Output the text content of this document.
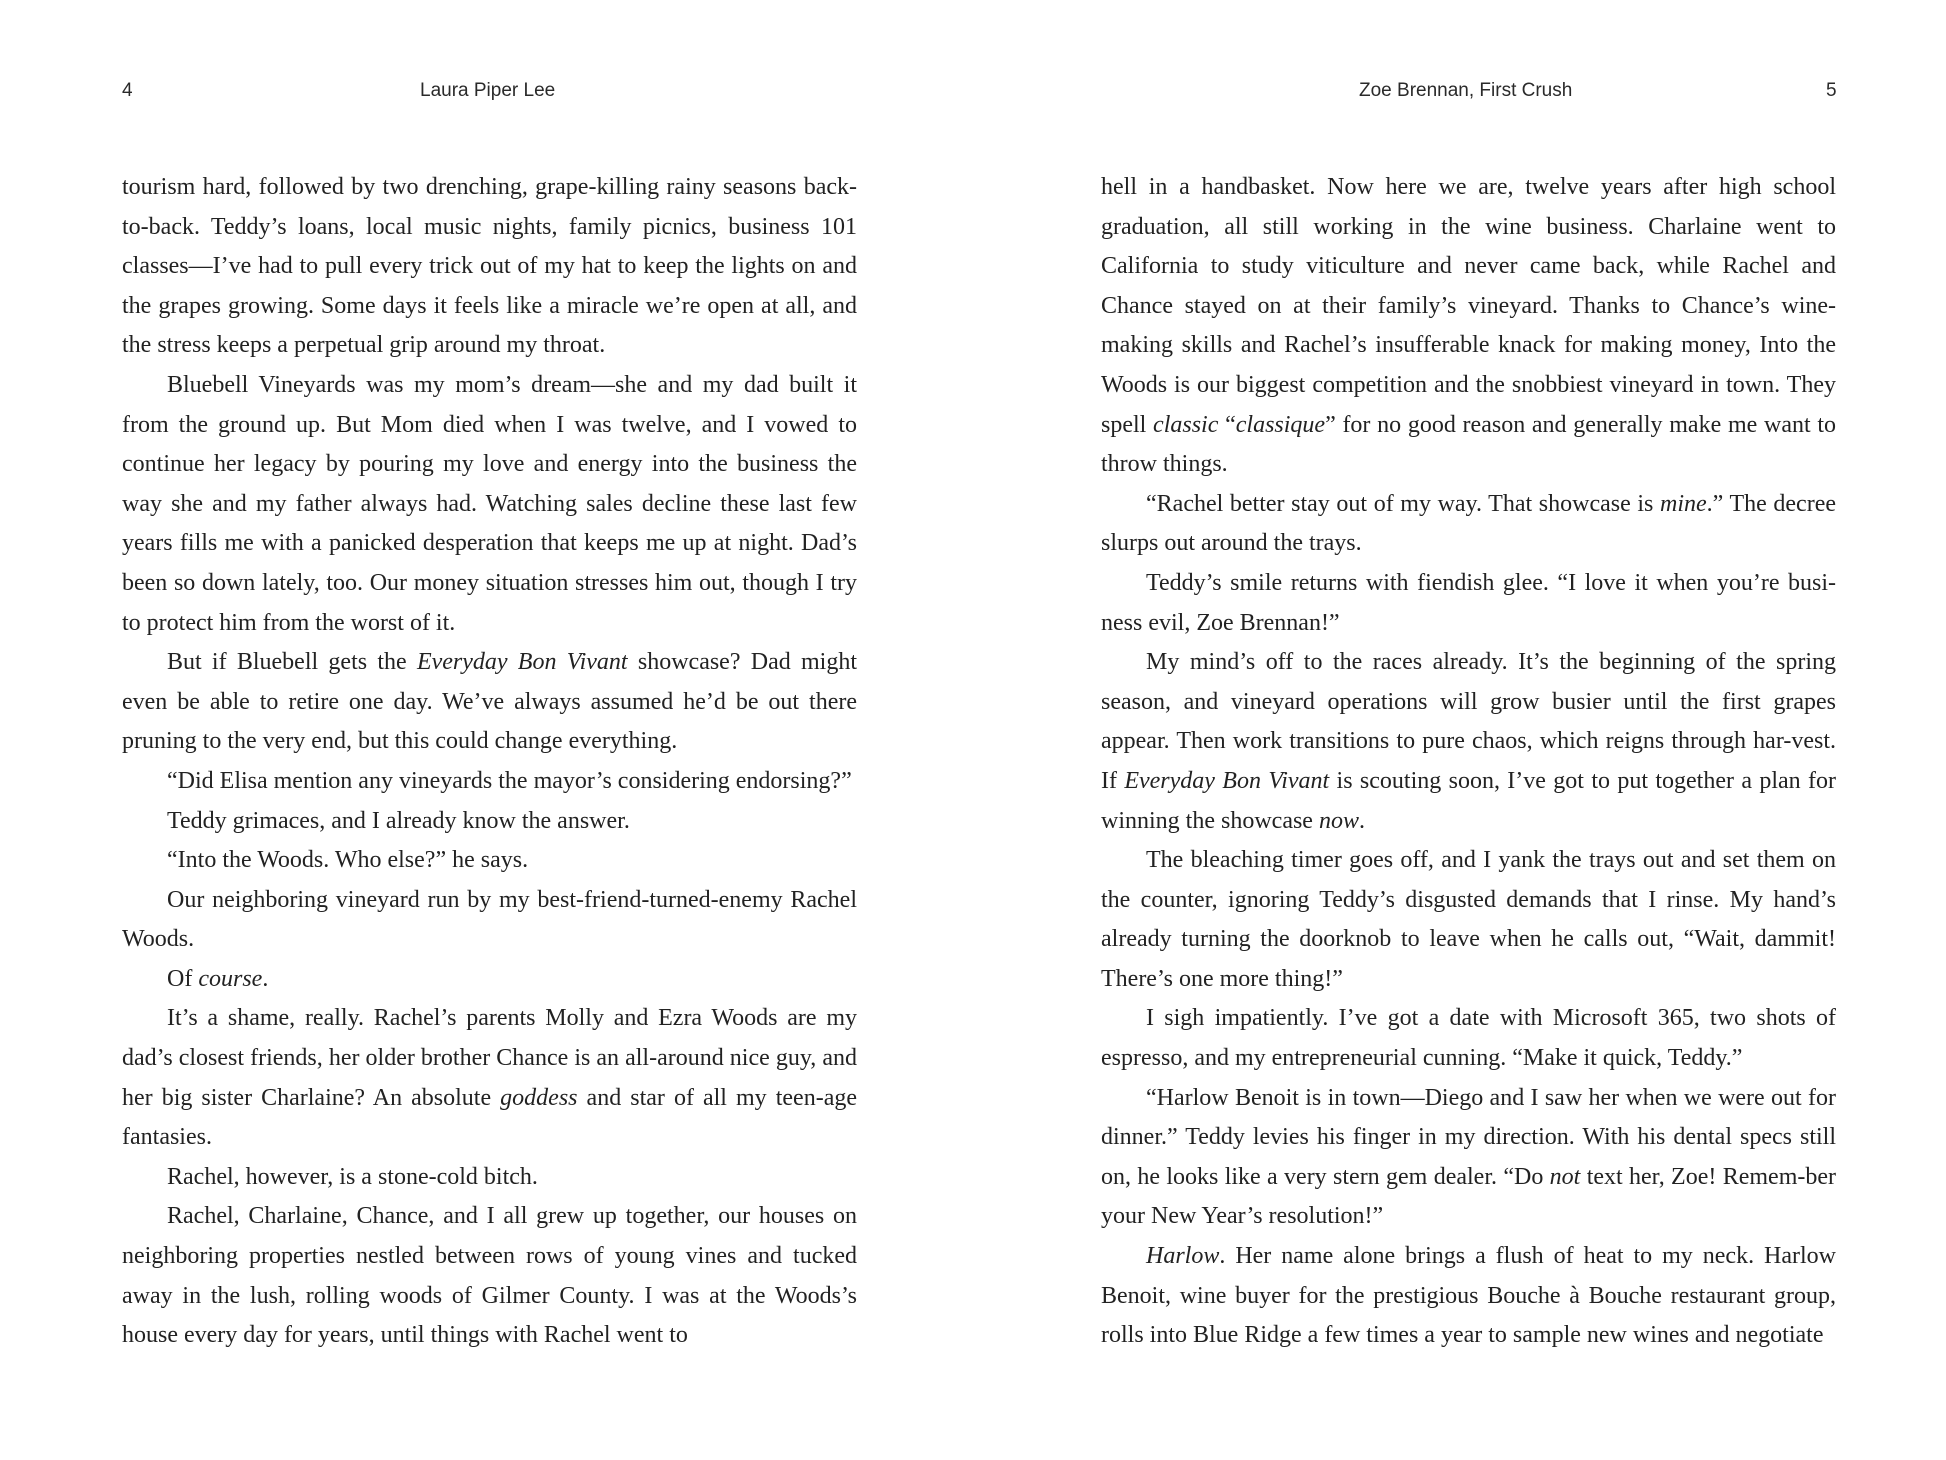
4	Laura Piper Lee

tourism hard, followed by two drenching, grape-killing rainy seasons back-to-back. Teddy’s loans, local music nights, family picnics, business 101 classes—I’ve had to pull every trick out of my hat to keep the lights on and the grapes growing. Some days it feels like a miracle we’re open at all, and the stress keeps a perpetual grip around my throat.

Bluebell Vineyards was my mom’s dream—she and my dad built it from the ground up. But Mom died when I was twelve, and I vowed to continue her legacy by pouring my love and energy into the business the way she and my father always had. Watching sales decline these last few years fills me with a panicked desperation that keeps me up at night. Dad’s been so down lately, too. Our money situation stresses him out, though I try to protect him from the worst of it.

But if Bluebell gets the Everyday Bon Vivant showcase? Dad might even be able to retire one day. We’ve always assumed he’d be out there pruning to the very end, but this could change everything.

“Did Elisa mention any vineyards the mayor’s considering endorsing?”

Teddy grimaces, and I already know the answer.

“Into the Woods. Who else?” he says.

Our neighboring vineyard run by my best-friend-turned-enemy Rachel Woods.

Of course.

It’s a shame, really. Rachel’s parents Molly and Ezra Woods are my dad’s closest friends, her older brother Chance is an all-around nice guy, and her big sister Charlaine? An absolute goddess and star of all my teen-age fantasies.

Rachel, however, is a stone-cold bitch.

Rachel, Charlaine, Chance, and I all grew up together, our houses on neighboring properties nestled between rows of young vines and tucked away in the lush, rolling woods of Gilmer County. I was at the Woods’s house every day for years, until things with Rachel went to

Zoe Brennan, First Crush	5

hell in a handbasket. Now here we are, twelve years after high school graduation, all still working in the wine business. Charlaine went to California to study viticulture and never came back, while Rachel and Chance stayed on at their family’s vineyard. Thanks to Chance’s wine-making skills and Rachel’s insufferable knack for making money, Into the Woods is our biggest competition and the snobbiest vineyard in town. They spell classic “classique” for no good reason and generally make me want to throw things.

“Rachel better stay out of my way. That showcase is mine.” The decree slurps out around the trays.

Teddy’s smile returns with fiendish glee. “I love it when you’re busi-ness evil, Zoe Brennan!”

My mind’s off to the races already. It’s the beginning of the spring season, and vineyard operations will grow busier until the first grapes appear. Then work transitions to pure chaos, which reigns through har-vest. If Everyday Bon Vivant is scouting soon, I’ve got to put together a plan for winning the showcase now.

The bleaching timer goes off, and I yank the trays out and set them on the counter, ignoring Teddy’s disgusted demands that I rinse. My hand’s already turning the doorknob to leave when he calls out, “Wait, dammit! There’s one more thing!”

I sigh impatiently. I’ve got a date with Microsoft 365, two shots of espresso, and my entrepreneurial cunning. “Make it quick, Teddy.”

“Harlow Benoit is in town—Diego and I saw her when we were out for dinner.” Teddy levies his finger in my direction. With his dental specs still on, he looks like a very stern gem dealer. “Do not text her, Zoe! Remem-ber your New Year’s resolution!”

Harlow. Her name alone brings a flush of heat to my neck. Harlow Benoit, wine buyer for the prestigious Bouche à Bouche restaurant group, rolls into Blue Ridge a few times a year to sample new wines and negotiate
